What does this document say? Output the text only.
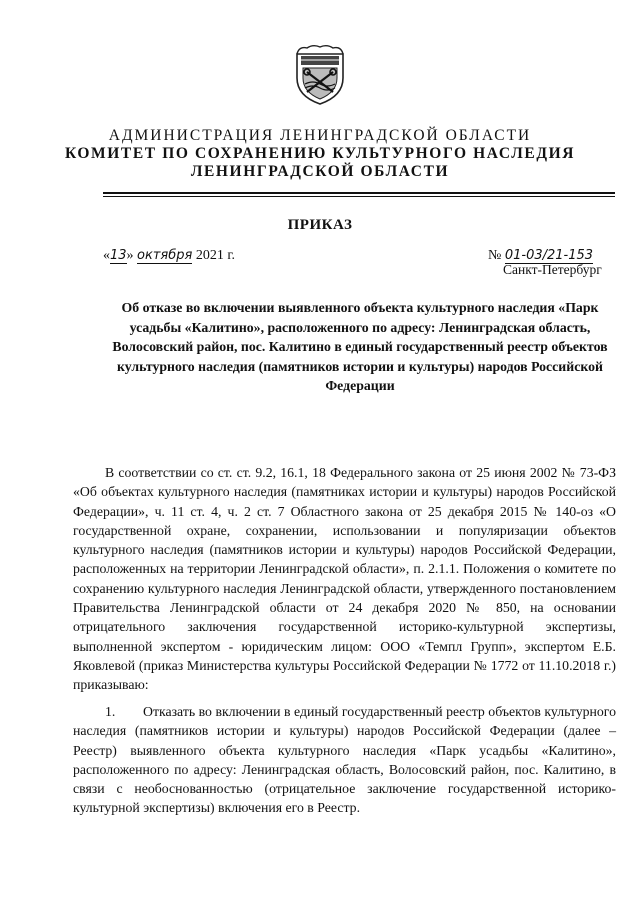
АДМИНИСТРАЦИЯ ЛЕНИНГРАДСКОЙ ОБЛАСТИ
КОМИТЕТ ПО СОХРАНЕНИЮ КУЛЬТУРНОГО НАСЛЕДИЯ
ЛЕНИНГРАДСКОЙ ОБЛАСТИ
ПРИКАЗ
«13» октября 2021 г.	№ 01-03/21-153
Санкт-Петербург
Об отказе во включении выявленного объекта культурного наследия «Парк усадьбы «Калитино», расположенного по адресу: Ленинградская область, Волосовский район, пос. Калитино в единый государственный реестр объектов культурного наследия (памятников истории и культуры) народов Российской Федерации
В соответствии со ст. ст. 9.2, 16.1, 18 Федерального закона от 25 июня 2002 № 73-ФЗ «Об объектах культурного наследия (памятниках истории и культуры) народов Российской Федерации», ч. 11 ст. 4, ч. 2 ст. 7 Областного закона от 25 декабря 2015 № 140-оз «О государственной охране, сохранении, использовании и популяризации объектов культурного наследия (памятников истории и культуры) народов Российской Федерации, расположенных на территории Ленинградской области», п. 2.1.1. Положения о комитете по сохранению культурного наследия Ленинградской области, утвержденного постановлением Правительства Ленинградской области от 24 декабря 2020 № 850, на основании отрицательного заключения государственной историко-культурной экспертизы, выполненной экспертом - юридическим лицом: ООО «Темпл Групп», экспертом Е.Б. Яковлевой (приказ Министерства культуры Российской Федерации № 1772 от 11.10.2018 г.) приказываю:
1. Отказать во включении в единый государственный реестр объектов культурного наследия (памятников истории и культуры) народов Российской Федерации (далее – Реестр) выявленного объекта культурного наследия «Парк усадьбы «Калитино», расположенного по адресу: Ленинградская область, Волосовский район, пос. Калитино, в связи с необоснованностью (отрицательное заключение государственной историко-культурной экспертизы) включения его в Реестр.
